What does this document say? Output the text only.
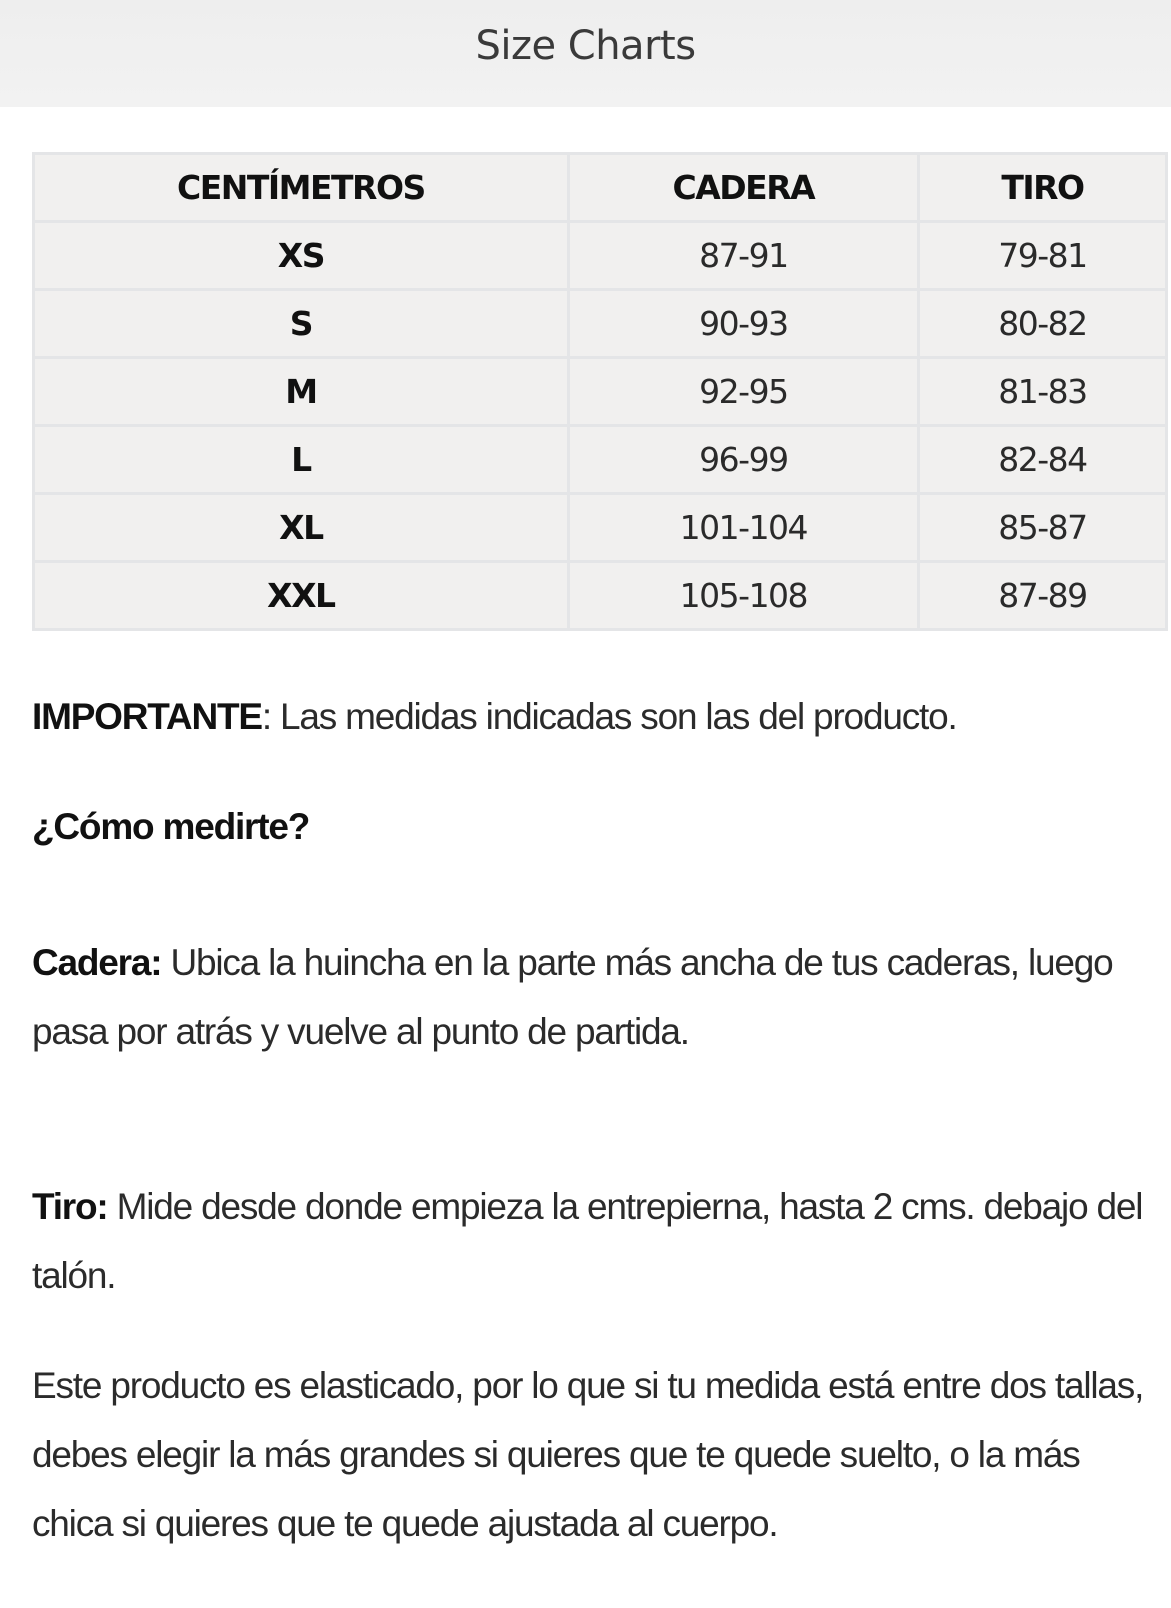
Size Charts
CENTÍMETROS	CADERA	TIRO
XS	87-91	79-81
S	90-93	80-82
M	92-95	81-83
L	96-99	82-84
XL	101-104	85-87
XXL	105-108	87-89
IMPORTANTE: Las medidas indicadas son las del producto.
¿Cómo medirte?
Cadera: Ubica la huincha en la parte más ancha de tus caderas, luego pasa por atrás y vuelve al punto de partida.
Tiro: Mide desde donde empieza la entrepierna, hasta 2 cms. debajo del talón.
Este producto es elasticado, por lo que si tu medida está entre dos tallas, debes elegir la más grandes si quieres que te quede suelto, o la más chica si quieres que te quede ajustada al cuerpo.
